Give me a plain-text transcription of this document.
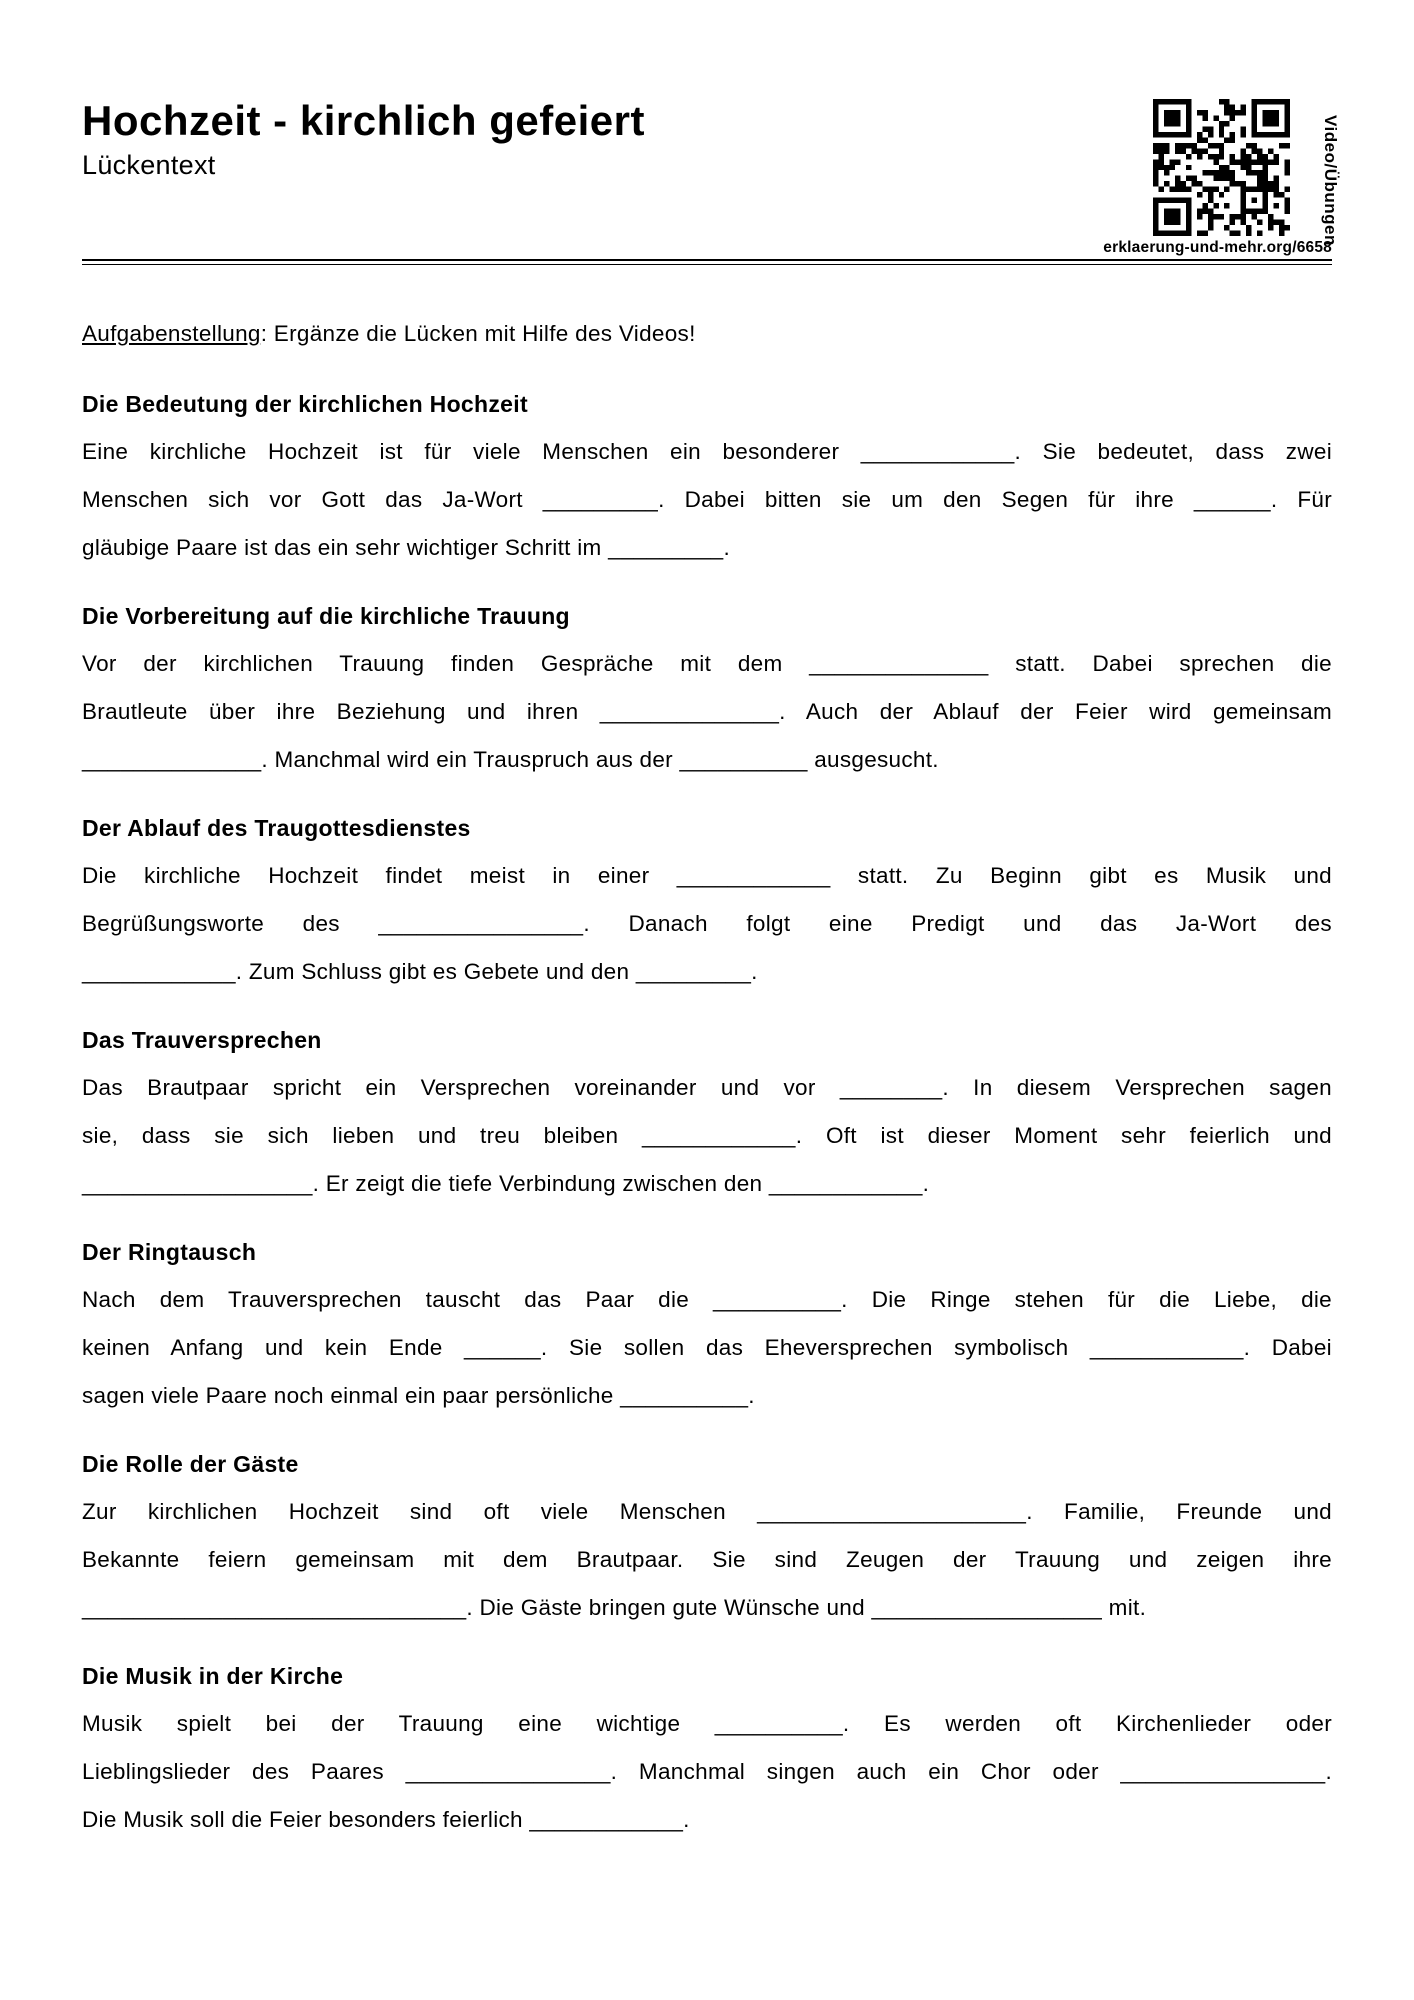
Hochzeit - kirchlich gefeiert
Lückentext
erklaerung-und-mehr.org/6658

Aufgabenstellung: Ergänze die Lücken mit Hilfe des Videos!

Die Bedeutung der kirchlichen Hochzeit

Eine kirchliche Hochzeit ist für viele Menschen ein besonderer ____________. Sie bedeutet, dass zwei

Menschen sich vor Gott das Ja-Wort _________. Dabei bitten sie um den Segen für ihre ______. Für

gläubige Paare ist das ein sehr wichtiger Schritt im _________.

Die Vorbereitung auf die kirchliche Trauung

Vor der kirchlichen Trauung finden Gespräche mit dem ______________ statt. Dabei sprechen die

Brautleute über ihre Beziehung und ihren ______________. Auch der Ablauf der Feier wird gemeinsam

______________. Manchmal wird ein Trauspruch aus der __________ ausgesucht.

Der Ablauf des Traugottesdienstes

Die kirchliche Hochzeit findet meist in einer ____________ statt. Zu Beginn gibt es Musik und

Begrüßungsworte des ________________. Danach folgt eine Predigt und das Ja-Wort des

____________. Zum Schluss gibt es Gebete und den _________.

Das Trauversprechen

Das Brautpaar spricht ein Versprechen voreinander und vor ________. In diesem Versprechen sagen

sie, dass sie sich lieben und treu bleiben ____________. Oft ist dieser Moment sehr feierlich und

__________________. Er zeigt die tiefe Verbindung zwischen den ____________.

Der Ringtausch

Nach dem Trauversprechen tauscht das Paar die __________. Die Ringe stehen für die Liebe, die

keinen Anfang und kein Ende ______. Sie sollen das Eheversprechen symbolisch ____________. Dabei

sagen viele Paare noch einmal ein paar persönliche __________.

Die Rolle der Gäste

Zur kirchlichen Hochzeit sind oft viele Menschen _____________________. Familie, Freunde und

Bekannte feiern gemeinsam mit dem Brautpaar. Sie sind Zeugen der Trauung und zeigen ihre

______________________________. Die Gäste bringen gute Wünsche und __________________ mit.

Die Musik in der Kirche

Musik spielt bei der Trauung eine wichtige __________. Es werden oft Kirchenlieder oder

Lieblingslieder des Paares ________________. Manchmal singen auch ein Chor oder ________________.

Die Musik soll die Feier besonders feierlich ____________.

Video/Übungen
